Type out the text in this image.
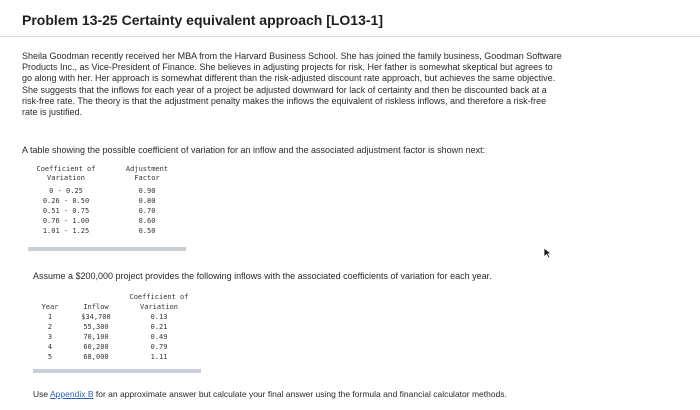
Problem 13-25 Certainty equivalent approach [LO13-1]
Sheila Goodman recently received her MBA from the Harvard Business School. She has joined the family business, Goodman Software
Products Inc., as Vice-President of Finance. She believes in adjusting projects for risk. Her father is somewhat skeptical but agrees to
go along with her. Her approach is somewhat different than the risk-adjusted discount rate approach, but achieves the same objective.
She suggests that the inflows for each year of a project be adjusted downward for lack of certainty and then be discounted back at a
risk-free rate. The theory is that the adjustment penalty makes the inflows the equivalent of riskless inflows, and therefore a risk-free
rate is justified.
A table showing the possible coefficient of variation for an inflow and the associated adjustment factor is shown next:
Coefficient of
Variation
Adjustment
Factor
0 - 0.25	0.90
0.26 - 0.50	0.80
0.51 - 0.75	0.70
0.76 - 1.00	0.60
1.01 - 1.25	0.50
Assume a $200,000 project provides the following inflows with the associated coefficients of variation for each year.
Coefficient of
Year	Inflow	Variation
1	$34,700	0.13
2	55,300	0.21
3	70,100	0.49
4	60,200	0.79
5	68,000	1.11
Use Appendix B for an approximate answer but calculate your final answer using the formula and financial calculator methods.
